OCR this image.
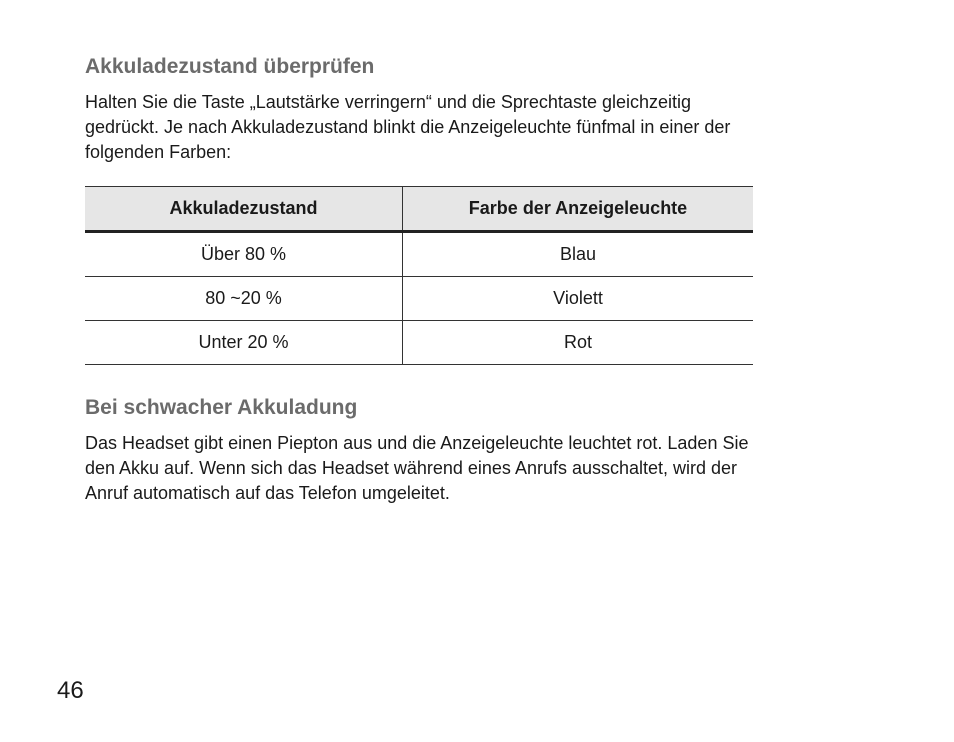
Akkuladezustand überprüfen

Halten Sie die Taste „Lautstärke verringern“ und die Sprechtaste gleichzeitig
gedrückt. Je nach Akkuladezustand blinkt die Anzeigeleuchte fünfmal in einer der
folgenden Farben:

Akkuladezustand	Farbe der Anzeigeleuchte
Über 80 %	Blau
80 ~20 %	Violett
Unter 20 %	Rot
Bei schwacher Akkuladung

Das Headset gibt einen Piepton aus und die Anzeigeleuchte leuchtet rot. Laden Sie
den Akku auf. Wenn sich das Headset während eines Anrufs ausschaltet, wird der
Anruf automatisch auf das Telefon umgeleitet.

46
